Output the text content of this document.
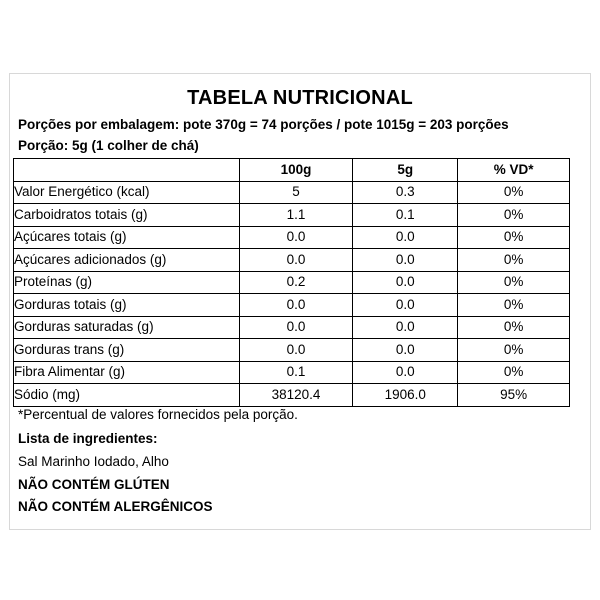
TABELA NUTRICIONAL
Porções por embalagem: pote 370g = 74 porções / pote 1015g = 203 porções
Porção: 5g (1 colher de chá)
	100g	5g	% VD*
Valor Energético (kcal)	5	0.3	0%
Carboidratos totais (g)	1.1	0.1	0%
Açúcares totais (g)	0.0	0.0	0%
Açúcares adicionados (g)	0.0	0.0	0%
Proteínas (g)	0.2	0.0	0%
Gorduras totais (g)	0.0	0.0	0%
Gorduras saturadas (g)	0.0	0.0	0%
Gorduras trans (g)	0.0	0.0	0%
Fibra Alimentar (g)	0.1	0.0	0%
Sódio (mg)	38120.4	1906.0	95%
*Percentual de valores fornecidos pela porção.
Lista de ingredientes:
Sal Marinho Iodado, Alho
NÃO CONTÉM GLÚTEN
NÃO CONTÉM ALERGÊNICOS
